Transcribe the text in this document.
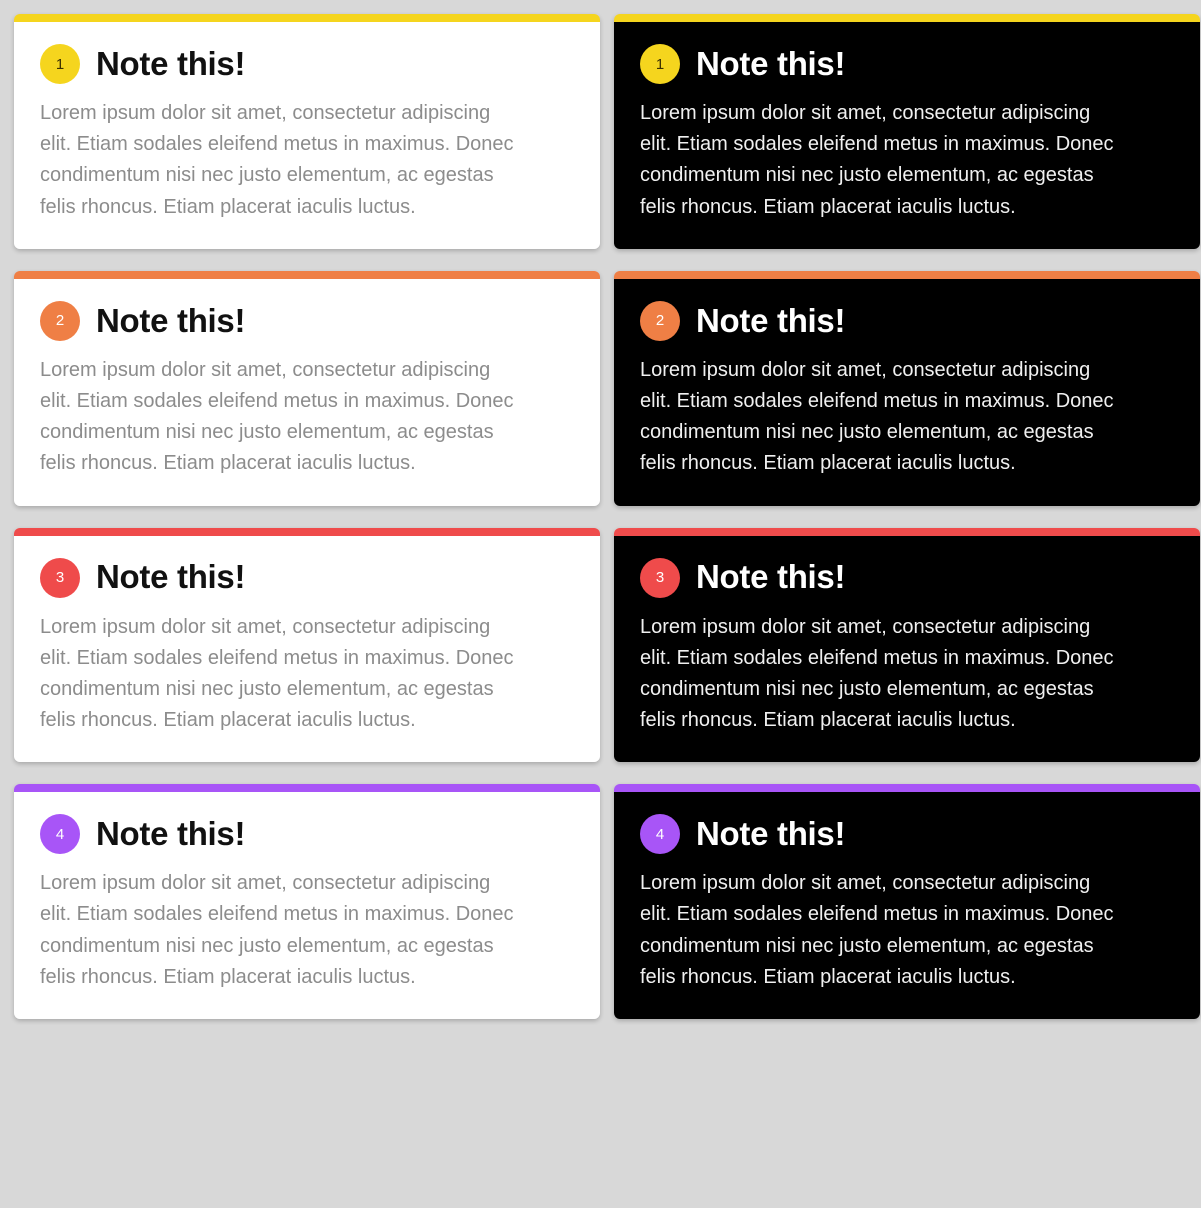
1 Note this!

Lorem ipsum dolor sit amet, consectetur adipiscing elit. Etiam sodales eleifend metus in maximus. Donec condimentum nisi nec justo elementum, ac egestas felis rhoncus. Etiam placerat iaculis luctus.

1 Note this!

Lorem ipsum dolor sit amet, consectetur adipiscing elit. Etiam sodales eleifend metus in maximus. Donec condimentum nisi nec justo elementum, ac egestas felis rhoncus. Etiam placerat iaculis luctus.

2 Note this!

Lorem ipsum dolor sit amet, consectetur adipiscing elit. Etiam sodales eleifend metus in maximus. Donec condimentum nisi nec justo elementum, ac egestas felis rhoncus. Etiam placerat iaculis luctus.

2 Note this!

Lorem ipsum dolor sit amet, consectetur adipiscing elit. Etiam sodales eleifend metus in maximus. Donec condimentum nisi nec justo elementum, ac egestas felis rhoncus. Etiam placerat iaculis luctus.

3 Note this!

Lorem ipsum dolor sit amet, consectetur adipiscing elit. Etiam sodales eleifend metus in maximus. Donec condimentum nisi nec justo elementum, ac egestas felis rhoncus. Etiam placerat iaculis luctus.

3 Note this!

Lorem ipsum dolor sit amet, consectetur adipiscing elit. Etiam sodales eleifend metus in maximus. Donec condimentum nisi nec justo elementum, ac egestas felis rhoncus. Etiam placerat iaculis luctus.

4 Note this!

Lorem ipsum dolor sit amet, consectetur adipiscing elit. Etiam sodales eleifend metus in maximus. Donec condimentum nisi nec justo elementum, ac egestas felis rhoncus. Etiam placerat iaculis luctus.

4 Note this!

Lorem ipsum dolor sit amet, consectetur adipiscing elit. Etiam sodales eleifend metus in maximus. Donec condimentum nisi nec justo elementum, ac egestas felis rhoncus. Etiam placerat iaculis luctus.
